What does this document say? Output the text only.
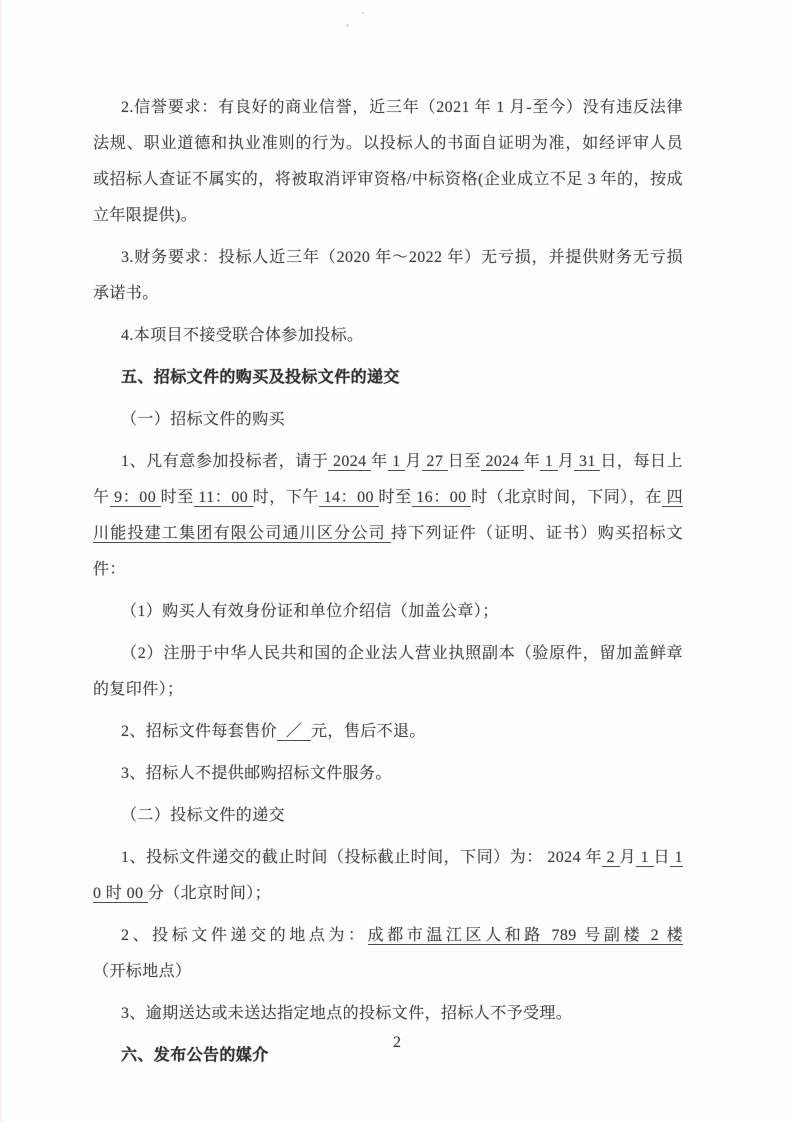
2.信誉要求：有良好的商业信誉，近三年（2021 年 1 月-至今）没有违反法律法规、职业道德和执业准则的行为。以投标人的书面自证明为准，如经评审人员或招标人查证不属实的，将被取消评审资格/中标资格(企业成立不足 3 年的，按成立年限提供)。

3.财务要求：投标人近三年（2020 年～2022 年）无亏损，并提供财务无亏损承诺书。

4.本项目不接受联合体参加投标。

五、招标文件的购买及投标文件的递交

（一）招标文件的购买

1、凡有意参加投标者，请于 2024 年 1 月 27 日至 2024 年 1 月 31 日，每日上午 9：00 时至 11：00 时，下午 14：00 时至 16：00 时（北京时间，下同），在 四川能投建工集团有限公司通川区分公司 持下列证件（证明、证书）购买招标文件：

（1）购买人有效身份证和单位介绍信（加盖公章）；

（2）注册于中华人民共和国的企业法人营业执照副本（验原件，留加盖鲜章的复印件）；

2、招标文件每套售价  ／  元，售后不退。

3、招标人不提供邮购招标文件服务。

（二）投标文件的递交

1、投标文件递交的截止时间（投标截止时间，下同）为： 2024 年 2 月 1 日 10 时 00 分（北京时间）；

2、投标文件递交的地点为：成都市温江区人和路 789 号副楼 2 楼（开标地点）

3、逾期送达或未送达指定地点的投标文件，招标人不予受理。

六、发布公告的媒介

2
